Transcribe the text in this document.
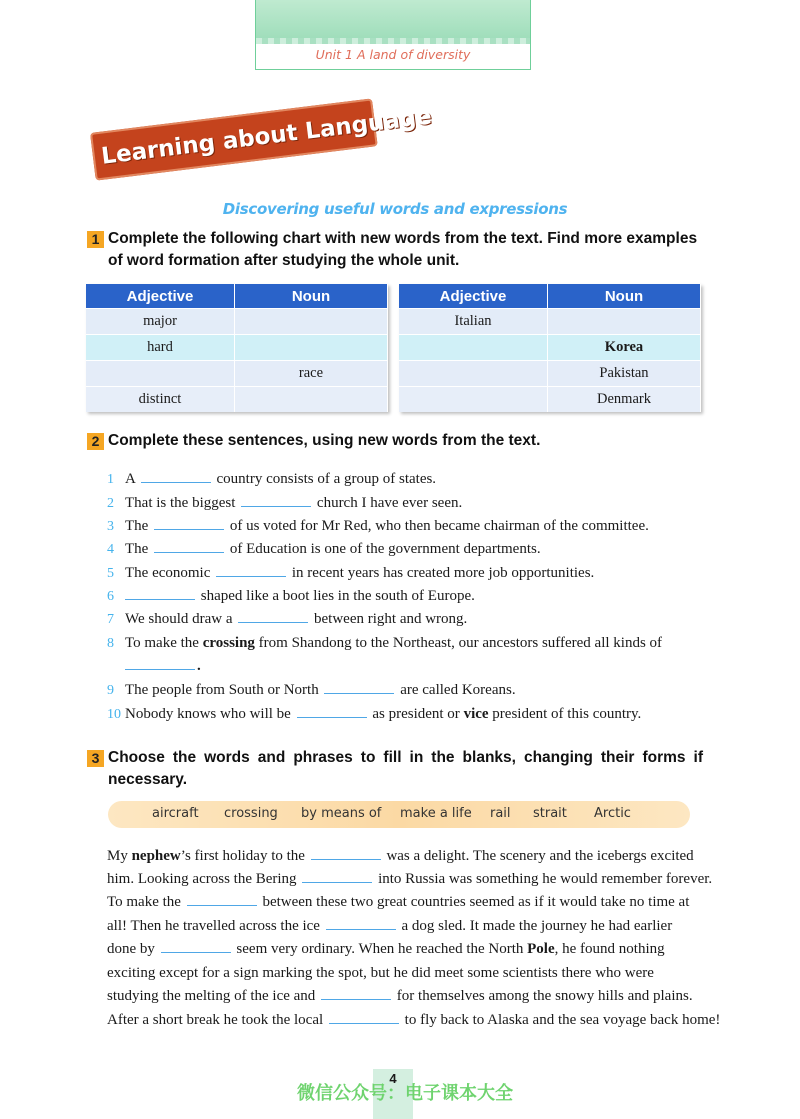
Unit 1 A land of diversity
Learning about Language
Discovering useful words and expressions
1 Complete the following chart with new words from the text. Find more examples
of word formation after studying the whole unit.
Adjective	Noun
major	
hard	
	race
distinct	
Adjective	Noun
Italian	
	Korea
	Pakistan
	Denmark
2 Complete these sentences, using new words from the text.
1 A	country consists of a group of states.
2 That is the biggest	church I have ever seen.
3 The	of us voted for Mr Red, who then became chairman of the committee.
4 The	of Education is one of the government departments.
5 The economic	in recent years has created more job opportunities.
6	shaped like a boot lies in the south of Europe.
7 We should draw a	between right and wrong.
8 To make the crossing from Shandong to the Northeast, our ancestors suffered all kinds of
.
9 The people from South or North	are called Koreans.
10 Nobody knows who will be	as president or vice president of this country.
3 Choose the words and phrases to fill in the blanks, changing their forms if
necessary.
aircraft crossing by means of make a life rail strait Arctic
My nephew’s first holiday to the	was a delight. The scenery and the icebergs excited
him. Looking across the Bering	into Russia was something he would remember forever.
To make the	between these two great countries seemed as if it would take no time at
all! Then he travelled across the ice	a dog sled. It made the journey he had earlier
done by	seem very ordinary. When he reached the North Pole, he found nothing
exciting except for a sign marking the spot, but he did meet some scientists there who were
studying the melting of the ice and	for themselves among the snowy hills and plains.
After a short break he took the local	to fly back to Alaska and the sea voyage back home!
4
微信公众号：电子课本大全
